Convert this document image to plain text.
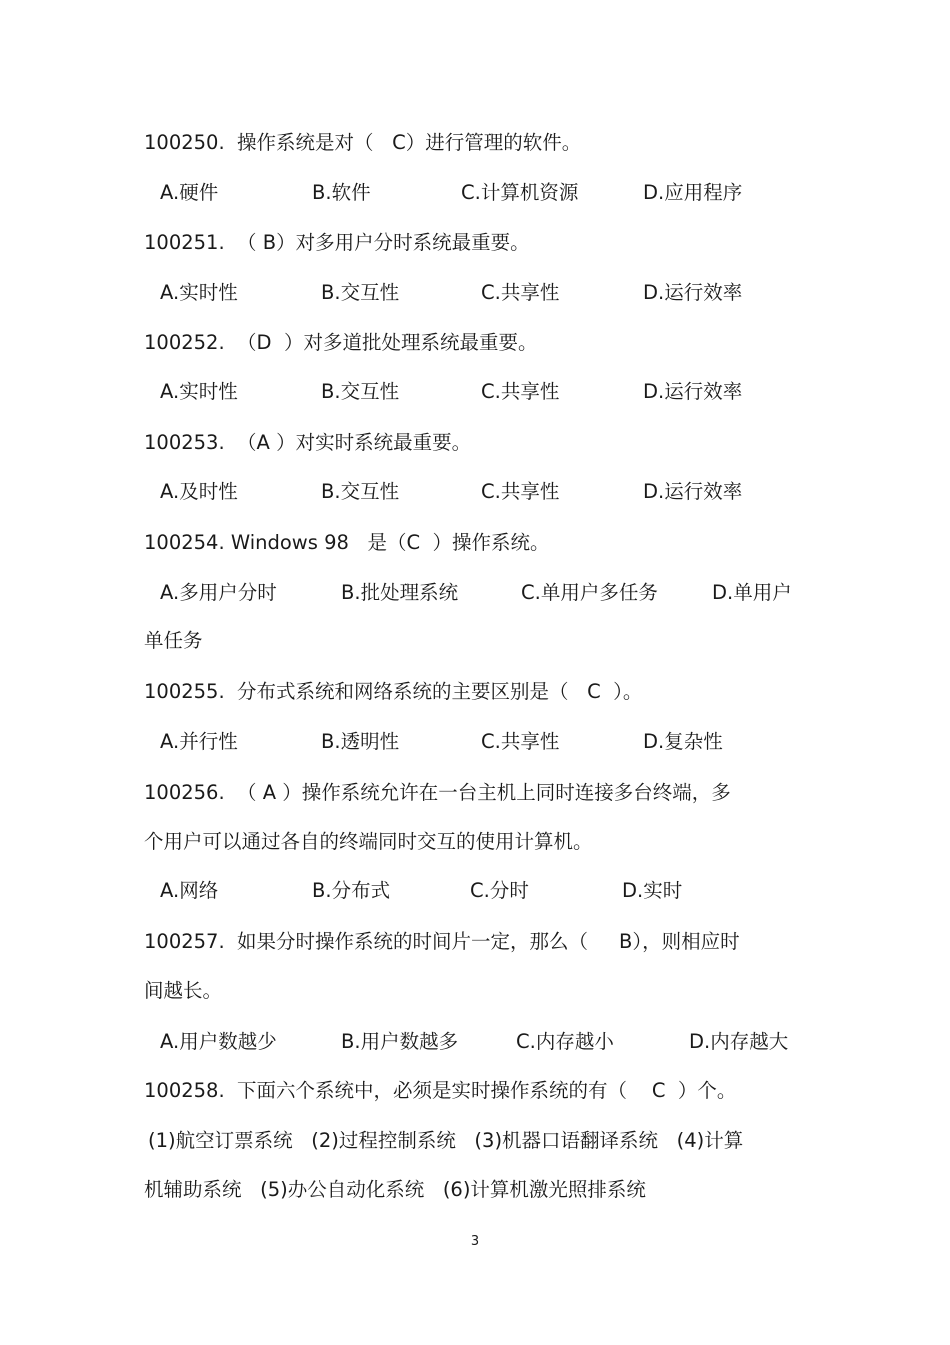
100250.  操作系统是对（   C）进行管理的软件。
A.硬件	B.软件	C.计算机资源	D.应用程序
100251.  （ B）对多用户分时系统最重要。
A.实时性	B.交互性	C.共享性	D.运行效率
100252.  （D  ）对多道批处理系统最重要。
A.实时性	B.交互性	C.共享性	D.运行效率
100253.  （A ）对实时系统最重要。
A.及时性	B.交互性	C.共享性	D.运行效率
100254. Windows 98   是（C  ）操作系统。
A.多用户分时	B.批处理系统	C.单用户多任务	D.单用户
单任务
100255.  分布式系统和网络系统的主要区别是（   C  ）。
A.并行性	B.透明性	C.共享性	D.复杂性
100256.  （ A ）操作系统允许在一台主机上同时连接多台终端，多
个用户可以通过各自的终端同时交互的使用计算机。
A.网络	B.分布式	C.分时	D.实时
100257.  如果分时操作系统的时间片一定，那么（     B），则相应时
间越长。
A.用户数越少	B.用户数越多	C.内存越小	D.内存越大
100258.  下面六个系统中，必须是实时操作系统的有（    C  ）个。
(1)航空订票系统   (2)过程控制系统   (3)机器口语翻译系统   (4)计算
机辅助系统   (5)办公自动化系统   (6)计算机激光照排系统
3
